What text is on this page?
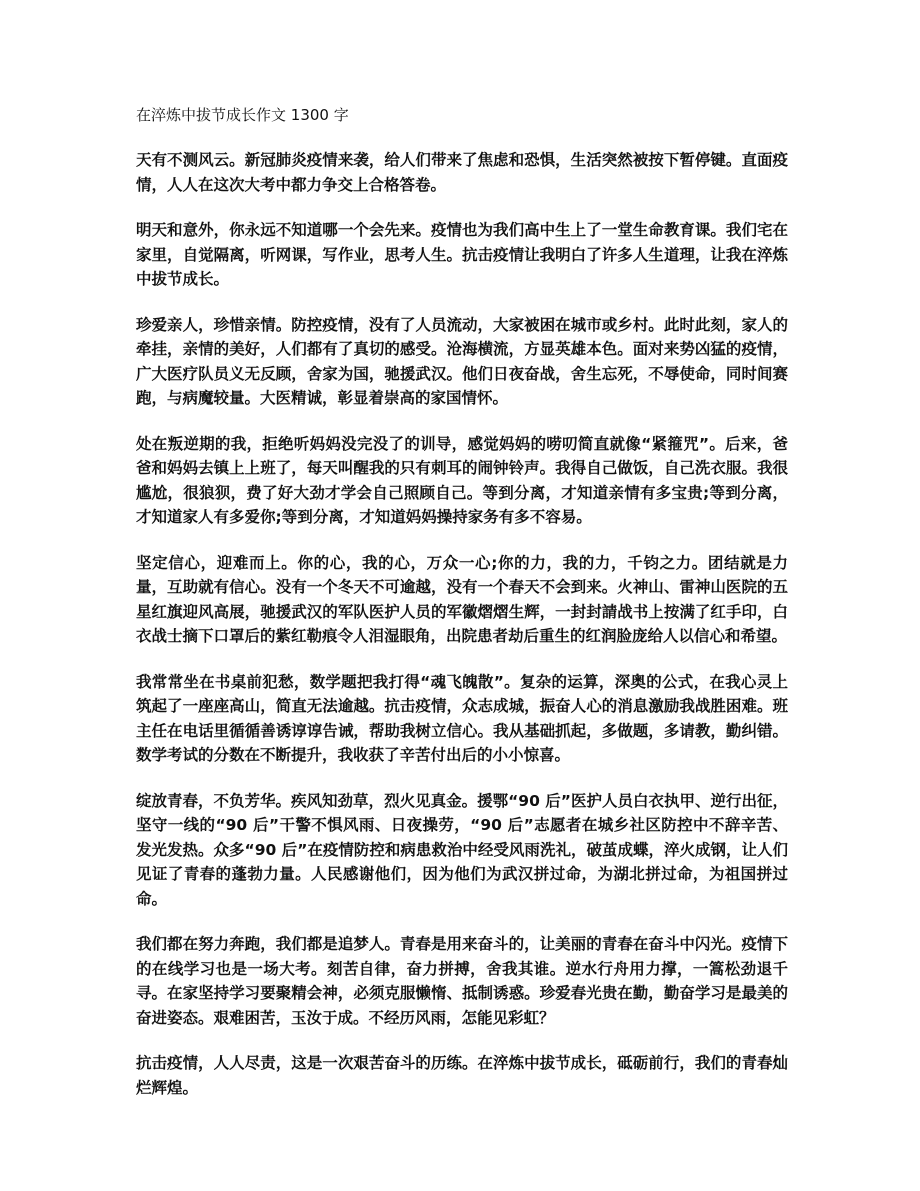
在淬炼中拔节成长作文 1300 字

天有不测风云。新冠肺炎疫情来袭，给人们带来了焦虑和恐惧，生活突然被按下暂停键。直面疫情，人人在这次大考中都力争交上合格答卷。

明天和意外，你永远不知道哪一个会先来。疫情也为我们高中生上了一堂生命教育课。我们宅在家里，自觉隔离，听网课，写作业，思考人生。抗击疫情让我明白了许多人生道理，让我在淬炼中拔节成长。

珍爱亲人，珍惜亲情。防控疫情，没有了人员流动，大家被困在城市或乡村。此时此刻，家人的牵挂，亲情的美好，人们都有了真切的感受。沧海横流，方显英雄本色。面对来势凶猛的疫情，广大医疗队员义无反顾，舍家为国，驰援武汉。他们日夜奋战，舍生忘死，不辱使命，同时间赛跑，与病魔较量。大医精诚，彰显着崇高的家国情怀。

处在叛逆期的我，拒绝听妈妈没完没了的训导，感觉妈妈的唠叨简直就像“紧箍咒”。后来，爸爸和妈妈去镇上上班了，每天叫醒我的只有刺耳的闹钟铃声。我得自己做饭，自己洗衣服。我很尴尬，很狼狈，费了好大劲才学会自己照顾自己。等到分离，才知道亲情有多宝贵;等到分离，才知道家人有多爱你;等到分离，才知道妈妈操持家务有多不容易。

坚定信心，迎难而上。你的心，我的心，万众一心;你的力，我的力，千钧之力。团结就是力量，互助就有信心。没有一个冬天不可逾越，没有一个春天不会到来。火神山、雷神山医院的五星红旗迎风高展，驰援武汉的军队医护人员的军徽熠熠生辉，一封封請战书上按满了红手印，白衣战士摘下口罩后的紫红勒痕令人泪湿眼角，出院患者劫后重生的红润脸庞给人以信心和希望。

我常常坐在书桌前犯愁，数学题把我打得“魂飞魄散”。复杂的运算，深奥的公式，在我心灵上筑起了一座座高山，简直无法逾越。抗击疫情，众志成城，振奋人心的消息激励我战胜困难。班主任在电话里循循善诱谆谆告诫，帮助我树立信心。我从基础抓起，多做题，多请教，勤纠错。数学考试的分数在不断提升，我收获了辛苦付出后的小小惊喜。

绽放青春，不负芳华。疾风知劲草，烈火见真金。援鄂“90 后”医护人员白衣执甲、逆行出征，坚守一线的“90 后”干警不惧风雨、日夜操劳，“90 后”志愿者在城乡社区防控中不辞辛苦、发光发热。众多“90 后”在疫情防控和病患救治中经受风雨洗礼，破茧成蝶，淬火成钢，让人们见证了青春的蓬勃力量。人民感谢他们，因为他们为武汉拼过命，为湖北拼过命，为祖国拼过命。

我们都在努力奔跑，我们都是追梦人。青春是用来奋斗的，让美丽的青春在奋斗中闪光。疫情下的在线学习也是一场大考。刻苦自律，奋力拼搏，舍我其谁。逆水行舟用力撑，一篙松劲退千寻。在家坚持学习要聚精会神，必须克服懒惰、抵制诱惑。珍爱春光贵在勤，勤奋学习是最美的奋进姿态。艰难困苦，玉汝于成。不经历风雨，怎能见彩虹？

抗击疫情，人人尽责，这是一次艰苦奋斗的历练。在淬炼中拔节成长，砥砺前行，我们的青春灿烂辉煌。
